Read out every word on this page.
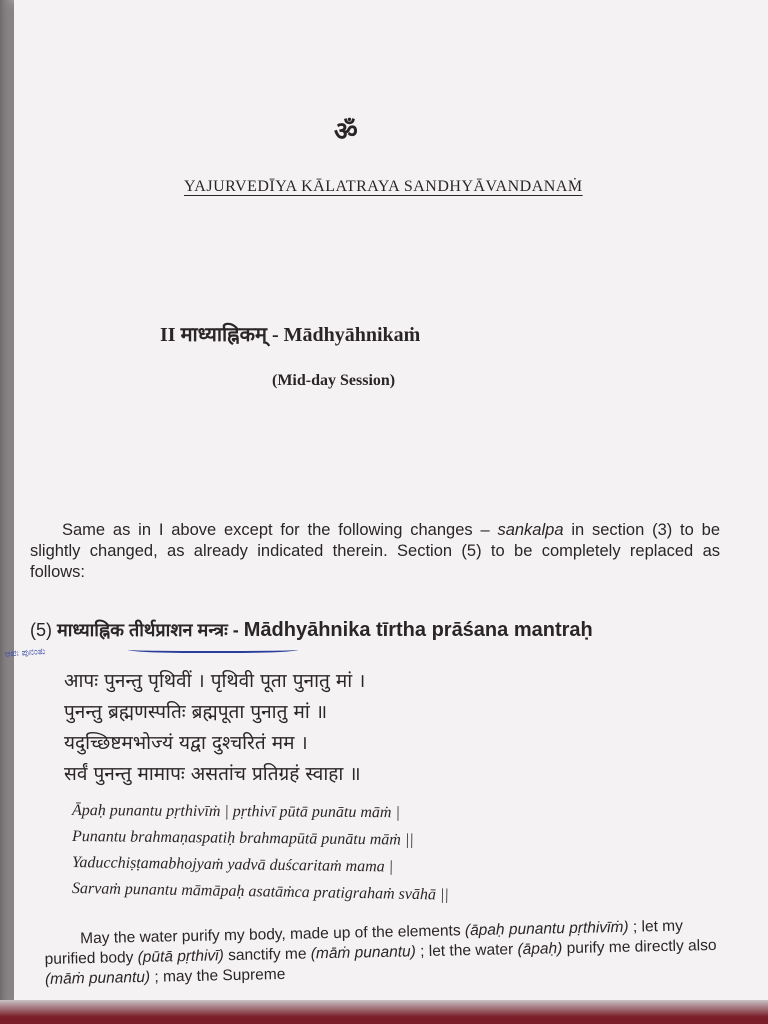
ॐ
YAJURVEDĪYA KĀLATRAYA SANDHYĀVANDANAṀ
II माध्याह्निकम् - Mādhyāhnikaṁ
(Mid-day Session)

Same as in I above except for the following changes – sankalpa in section (3) to be slightly changed, as already indicated therein. Section (5) to be completely replaced as follows:

(5) माध्याह्निक तीर्थप्राशन मन्त्रः - Mādhyāhnika tīrtha prāśana mantraḥ
ಆಪಃ ಪುನಂತು
आपः पुनन्तु पृथिवीं । पृथिवी पूता पुनातु मां ।
पुनन्तु ब्रह्मणस्पतिः ब्रह्मपूता पुनातु मां ॥
यदुच्छिष्टमभोज्यं यद्वा दुश्चरितं मम ।
सर्वं पुनन्तु मामापः असतांच प्रतिग्रहं स्वाहा ॥
Āpaḥ punantu pṛthivīṁ | pṛthivī pūtā punātu māṁ |
Punantu brahmaṇaspatiḥ brahmapūtā punātu māṁ ||
Yaducchiṣṭamabhojyaṁ yadvā duścaritaṁ mama |
Sarvaṁ punantu māmāpaḥ asatāṁca pratigrahaṁ svāhā ||

May the water purify my body, made up of the elements (āpaḥ punantu pṛthivīṁ) ; let my purified body (pūtā pṛthivī) sanctify me (māṁ punantu) ; let the water (āpaḥ) purify me directly also (māṁ punantu) ; may the Supreme
